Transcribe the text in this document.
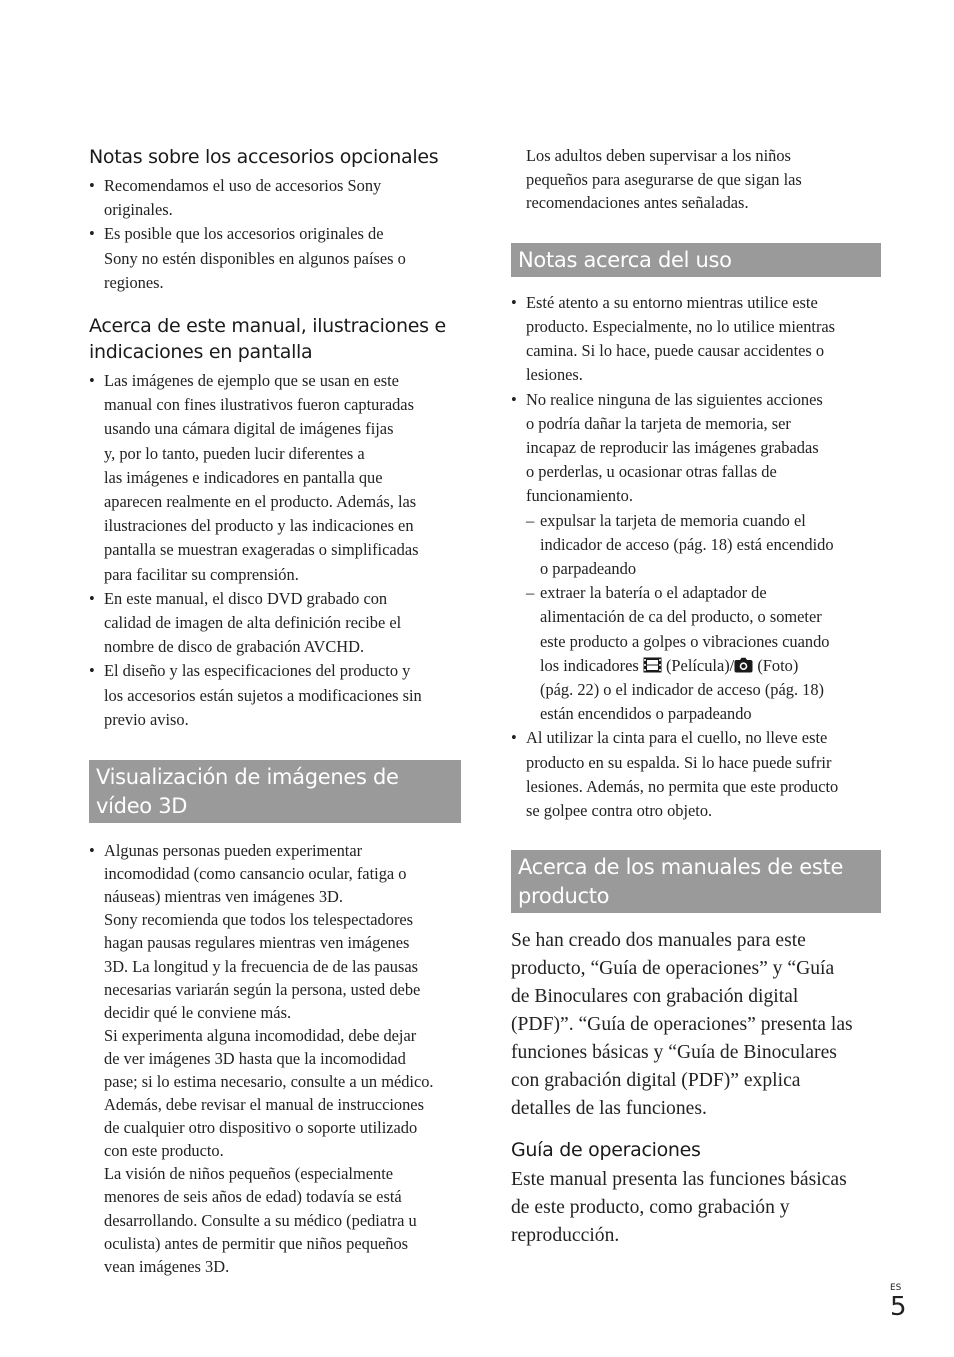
Notas sobre los accesorios opcionales
• Recomendamos el uso de accesorios Sony
originales.
• Es posible que los accesorios originales de
Sony no estén disponibles en algunos países o
regiones.
Acerca de este manual, ilustraciones e
indicaciones en pantalla
• Las imágenes de ejemplo que se usan en este
manual con fines ilustrativos fueron capturadas
usando una cámara digital de imágenes fijas
y, por lo tanto, pueden lucir diferentes a
las imágenes e indicadores en pantalla que
aparecen realmente en el producto. Además, las
ilustraciones del producto y las indicaciones en
pantalla se muestran exageradas o simplificadas
para facilitar su comprensión.
• En este manual, el disco DVD grabado con
calidad de imagen de alta definición recibe el
nombre de disco de grabación AVCHD.
• El diseño y las especificaciones del producto y
los accesorios están sujetos a modificaciones sin
previo aviso.
Visualización de imágenes de
vídeo 3D
• Algunas personas pueden experimentar
incomodidad (como cansancio ocular, fatiga o
náuseas) mientras ven imágenes 3D.
Sony recomienda que todos los telespectadores
hagan pausas regulares mientras ven imágenes
3D. La longitud y la frecuencia de de las pausas
necesarias variarán según la persona, usted debe
decidir qué le conviene más.
Si experimenta alguna incomodidad, debe dejar
de ver imágenes 3D hasta que la incomodidad
pase; si lo estima necesario, consulte a un médico.
Además, debe revisar el manual de instrucciones
de cualquier otro dispositivo o soporte utilizado
con este producto.
La visión de niños pequeños (especialmente
menores de seis años de edad) todavía se está
desarrollando. Consulte a su médico (pediatra u
oculista) antes de permitir que niños pequeños
vean imágenes 3D.
Los adultos deben supervisar a los niños
pequeños para asegurarse de que sigan las
recomendaciones antes señaladas.
Notas acerca del uso
• Esté atento a su entorno mientras utilice este
producto. Especialmente, no lo utilice mientras
camina. Si lo hace, puede causar accidentes o
lesiones.
• No realice ninguna de las siguientes acciones
o podría dañar la tarjeta de memoria, ser
incapaz de reproducir las imágenes grabadas
o perderlas, u ocasionar otras fallas de
funcionamiento.
– expulsar la tarjeta de memoria cuando el
indicador de acceso (pág. 18) está encendido
o parpadeando
– extraer la batería o el adaptador de
alimentación de ca del producto, o someter
este producto a golpes o vibraciones cuando
los indicadores  (Película)/ (Foto)
(pág. 22) o el indicador de acceso (pág. 18)
están encendidos o parpadeando
• Al utilizar la cinta para el cuello, no lleve este
producto en su espalda. Si lo hace puede sufrir
lesiones. Además, no permita que este producto
se golpee contra otro objeto.
Acerca de los manuales de este
producto
Se han creado dos manuales para este
producto, “Guía de operaciones” y “Guía
de Binoculares con grabación digital
(PDF)”. “Guía de operaciones” presenta las
funciones básicas y “Guía de Binoculares
con grabación digital (PDF)” explica
detalles de las funciones.
Guía de operaciones
Este manual presenta las funciones básicas
de este producto, como grabación y
reproducción.
ES
5
